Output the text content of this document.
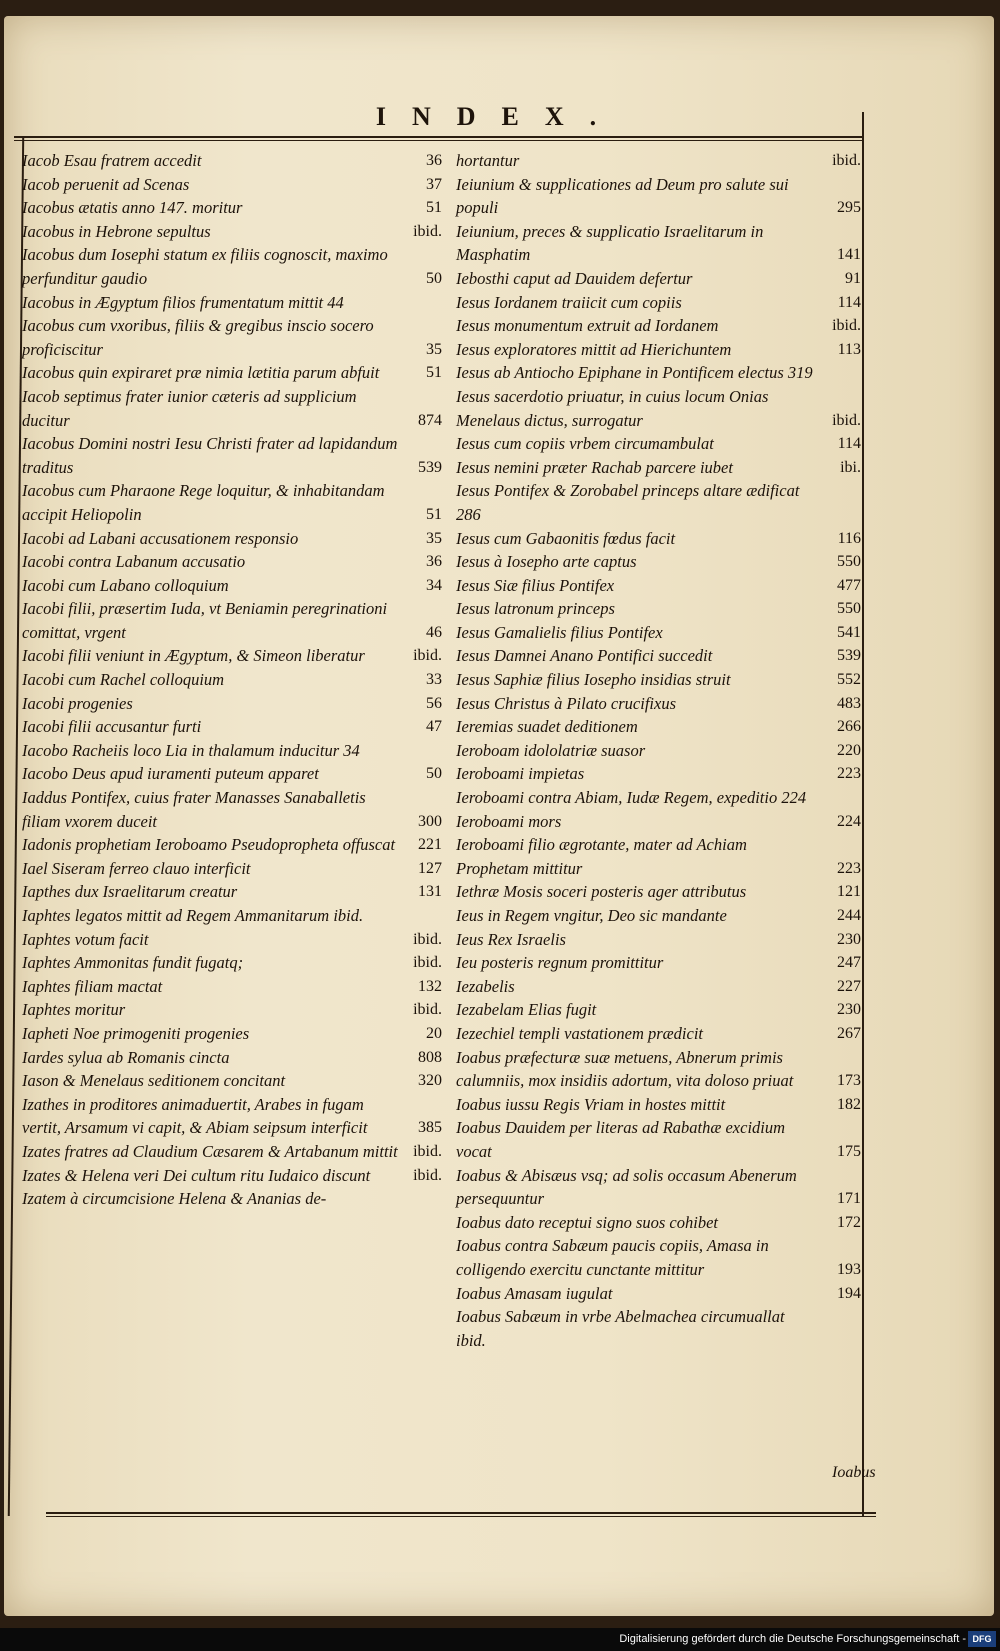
INDEX.
Iacob Esau fratrem accedit	36
Iacob peruenit ad Scenas	37
Iacobus ætatis anno 147. moritur	51
Iacobus in Hebrone sepultus	ibid.
Iacobus dum Iosephi statum ex filiis cognoscit, maximo perfunditur gaudio	50
Iacobus in Ægyptum filios frumentatum mittit 44
Iacobus cum vxoribus, filiis & gregibus inscio socero proficiscitur	35
Iacobus quin expiraret præ nimia lætitia parum abfuit	51
Iacob septimus frater iunior cæteris ad supplicium ducitur	874
Iacobus Domini nostri Iesu Christi frater ad lapidandum traditus	539
Iacobus cum Pharaone Rege loquitur, & inhabitandam accipit Heliopolin	51
Iacobi ad Labani accusationem responsio	35
Iacobi contra Labanum accusatio	36
Iacobi cum Labano colloquium	34
Iacobi filii, præsertim Iuda, vt Beniamin peregrinationi comittat, vrgent	46
Iacobi filii veniunt in Ægyptum, & Simeon liberatur	ibid.
Iacobi cum Rachel colloquium	33
Iacobi progenies	56
Iacobi filii accusantur furti	47
Iacobo Racheiis loco Lia in thalamum inducitur 34
Iacobo Deus apud iuramenti puteum apparet	50
Iaddus Pontifex, cuius frater Manasses Sanaballetis filiam vxorem duceit	300
Iadonis prophetiam Ieroboamo Pseudopropheta offuscat 221
Iael Siseram ferreo clauo interficit	127
Iapthes dux Israelitarum creatur	131
Iaphtes legatos mittit ad Regem Ammanitarum ibid.
Iaphtes votum facit	ibid.
Iaphtes Ammonitas fundit fugatq;	ibid.
Iaphtes filiam mactat	132
Iaphtes moritur	ibid.
Iapheti Noe primogeniti progenies	20
Iardes sylua ab Romanis cincta	808
Iason & Menelaus seditionem concitant	320
Izathes in proditores animaduertit, Arabes in fugam vertit, Arsamum vi capit, & Abiam seipsum interficit	385
Izates fratres ad Claudium Cæsarem & Artabanum mittit ibid.
Izates & Helena veri Dei cultum ritu Iudaico discunt	ibid.
Izatem à circumcisione Helena & Ananias de-
hortantur	ibid.
Ieiunium & supplicationes ad Deum pro salute sui populi	295
Ieiunium, preces & supplicatio Israelitarum in Masphatim	141
Iebosthi caput ad Dauidem defertur	91
Iesus Iordanem traiicit cum copiis	114
Iesus monumentum extruit ad Iordanem	ibid.
Iesus exploratores mittit ad Hierichuntem	113
Iesus ab Antiocho Epiphane in Pontificem electus 319
Iesus sacerdotio priuatur, in cuius locum Onias Menelaus dictus, surrogatur	ibid.
Iesus cum copiis vrbem circumambulat	114
Iesus nemini præter Rachab parcere iubet	ibi.
Iesus Pontifex & Zorobabel princeps altare ædificat 286
Iesus cum Gabaonitis fœdus facit	116
Iesus à Iosepho arte captus	550
Iesus Siæ filius Pontifex	477
Iesus latronum princeps	550
Iesus Gamalielis filius Pontifex	541
Iesus Damnei Anano Pontifici succedit	539
Iesus Saphiæ filius Iosepho insidias struit	552
Iesus Christus à Pilato crucifixus	483
Ieremias suadet deditionem	266
Ieroboam idololatriæ suasor	220
Ieroboami impietas	223
Ieroboami contra Abiam, Iudæ Regem, expeditio 224
Ieroboami mors	224
Ieroboami filio ægrotante, mater ad Achiam Prophetam mittitur	223
Iethræ Mosis soceri posteris ager attributus	121
Ieus in Regem vngitur, Deo sic mandante	244
Ieus Rex Israelis	230
Ieu posteris regnum promittitur	247
Iezabelis	227
Iezabelam Elias fugit	230
Iezechiel templi vastationem prædicit	267
Ioabus præfecturæ suæ metuens, Abnerum primis calumniis, mox insidiis adortum, vita doloso priuat	173
Ioabus iussu Regis Vriam in hostes mittit	182
Ioabus Dauidem per literas ad Rabathæ excidium vocat	175
Ioabus & Abisæus vsq; ad solis occasum Abenerum persequuntur	171
Ioabus dato receptui signo suos cohibet	172
Ioabus contra Sabæum paucis copiis, Amasa in colligendo exercitu cunctante mittitur	193
Ioabus Amasam iugulat	194
Ioabus Sabæum in vrbe Abelmachea circumuallat ibid.
Ioabus
Digitalisierung gefördert durch die Deutsche Forschungsgemeinschaft - DFG
